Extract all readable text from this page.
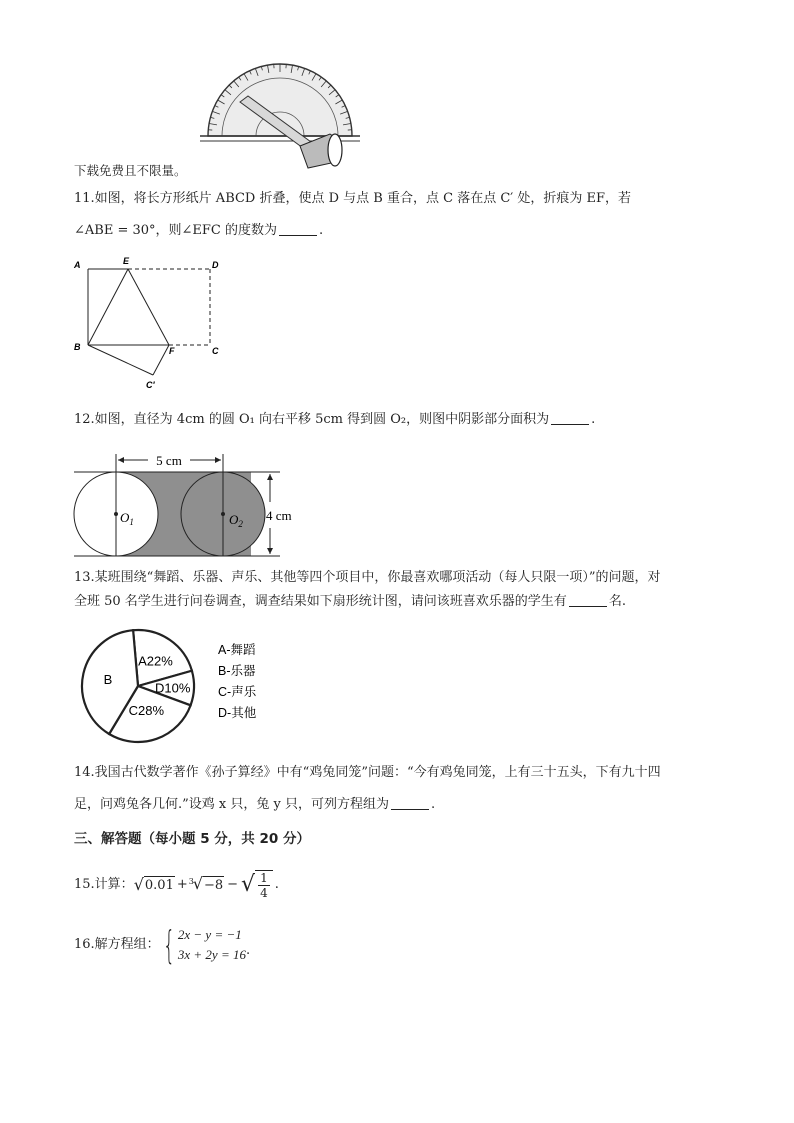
下载免费且不限量。
11.如图，将长方形纸片 ABCD 折叠，使点 D 与点 B 重合，点 C 落在点 C′ 处，折痕为 EF，若
∠ABE = 30°，则∠EFC 的度数为	.
A	E	D
B	F	C
C′
12.如图，直径为 4cm 的圆 O₁ 向右平移 5cm 得到圆 O₂，则图中阴影部分面积为	.
5 cm
4 cm
$O_1$	$O_2$
13.某班围绕“舞蹈、乐器、声乐、其他等四个项目中，你最喜欢哪项活动（每人只限一项）”的问题，对
全班 50 名学生进行问卷调查，调查结果如下扇形统计图，请问该班喜欢乐器的学生有	名.
A22%
D10%
C28%
B
A-舞蹈
B-乐器
C-声乐
D-其他
14.我国古代数学著作《孙子算经》中有“鸡兔同笼”问题：“今有鸡兔同笼，上有三十五头，下有九十四
足，问鸡兔各几何.”设鸡 x 只，兔 y 只，可列方程组为	.
三、解答题（每小题 5 分，共 20 分）
15.计算： √ 0.01 + 3
√ −8 − √ $\frac{1}{4}$ .
16.解方程组： { 2x − y = −1
3x + 2y = 16 .
